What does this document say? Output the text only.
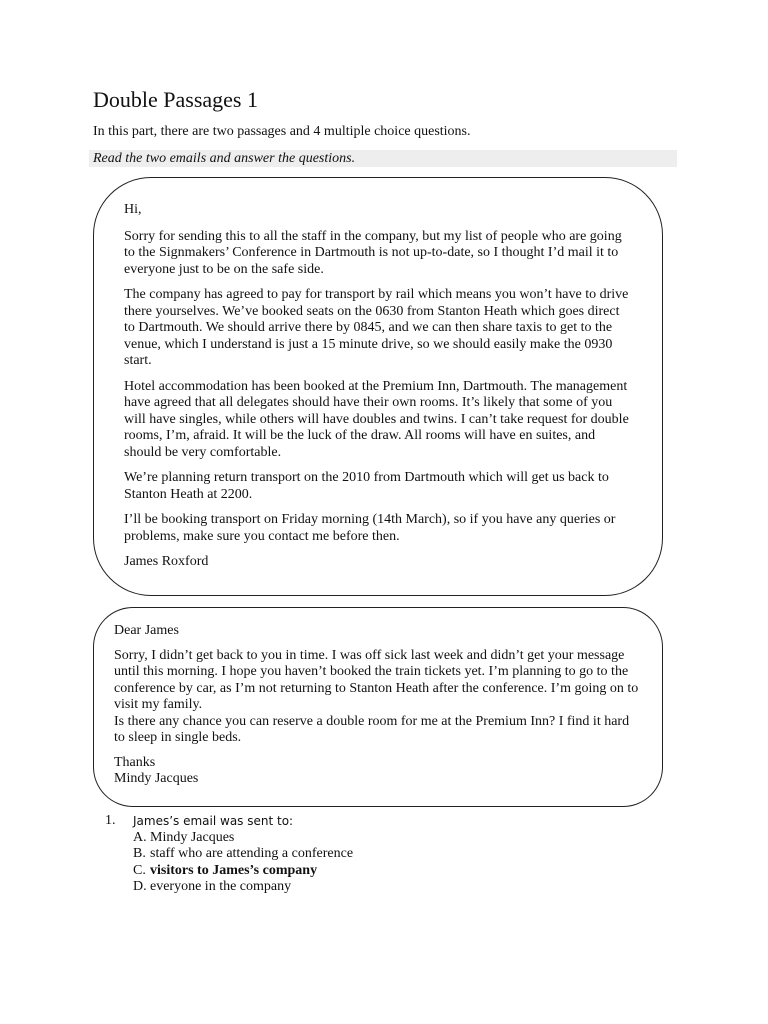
Double Passages 1
In this part, there are two passages and 4 multiple choice questions.
Read the two emails and answer the questions.

Hi,

Sorry for sending this to all the staff in the company, but my list of people who are going to the Signmakers’ Conference in Dartmouth is not up-to-date, so I thought I’d mail it to everyone just to be on the safe side.

The company has agreed to pay for transport by rail which means you won’t have to drive there yourselves. We’ve booked seats on the 0630 from Stanton Heath which goes direct to Dartmouth. We should arrive there by 0845, and we can then share taxis to get to the venue, which I understand is just a 15 minute drive, so we should easily make the 0930 start.

Hotel accommodation has been booked at the Premium Inn, Dartmouth. The management have agreed that all delegates should have their own rooms. It’s likely that some of you will have singles, while others will have doubles and twins. I can’t take request for double rooms, I’m, afraid. It will be the luck of the draw. All rooms will have en suites, and should be very comfortable.

We’re planning return transport on the 2010 from Dartmouth which will get us back to Stanton Heath at 2200.

I’ll be booking transport on Friday morning (14th March), so if you have any queries or problems, make sure you contact me before then.

James Roxford

Dear James

Sorry, I didn’t get back to you in time. I was off sick last week and didn’t get your message until this morning. I hope you haven’t booked the train tickets yet. I’m planning to go to the conference by car, as I’m not returning to Stanton Heath after the conference. I’m going on to visit my family.

Is there any chance you can reserve a double room for me at the Premium Inn? I find it hard to sleep in single beds.

Thanks

Mindy Jacques

1.	James’s email was sent to:
A. Mindy Jacques
B. staff who are attending a conference
C. visitors to James’s company
D. everyone in the company
